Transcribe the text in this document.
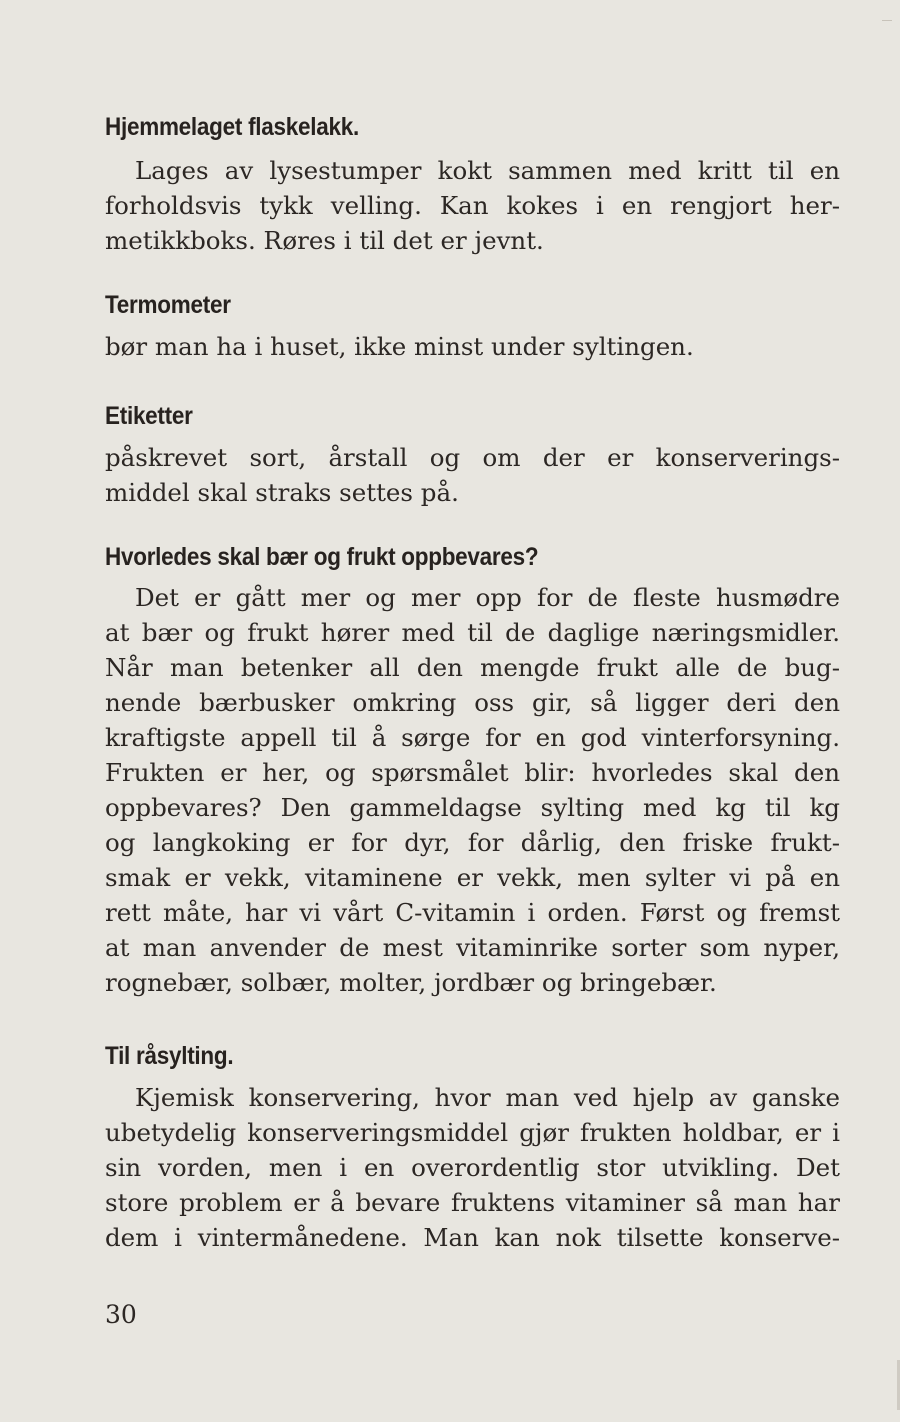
Hjemmelaget flaskelakk.
Lages av lysestumper kokt sammen med kritt til en
forholdsvis tykk velling. Kan kokes i en rengjort her-
metikkboks. Røres i til det er jevnt.
Termometer
bør man ha i huset, ikke minst under syltingen.
Etiketter
påskrevet sort, årstall og om der er konserverings-
middel skal straks settes på.
Hvorledes skal bær og frukt oppbevares?
Det er gått mer og mer opp for de fleste husmødre
at bær og frukt hører med til de daglige næringsmidler.
Når man betenker all den mengde frukt alle de bug-
nende bærbusker omkring oss gir, så ligger deri den
kraftigste appell til å sørge for en god vinterforsyning.
Frukten er her, og spørsmålet blir: hvorledes skal den
oppbevares? Den gammeldagse sylting med kg til kg
og langkoking er for dyr, for dårlig, den friske frukt-
smak er vekk, vitaminene er vekk, men sylter vi på en
rett måte, har vi vårt C-vitamin i orden. Først og fremst
at man anvender de mest vitaminrike sorter som nyper,
rognebær, solbær, molter, jordbær og bringebær.
Til råsylting.
Kjemisk konservering, hvor man ved hjelp av ganske
ubetydelig konserveringsmiddel gjør frukten holdbar, er i
sin vorden, men i en overordentlig stor utvikling. Det
store problem er å bevare fruktens vitaminer så man har
dem i vintermånedene. Man kan nok tilsette konserve-
30
